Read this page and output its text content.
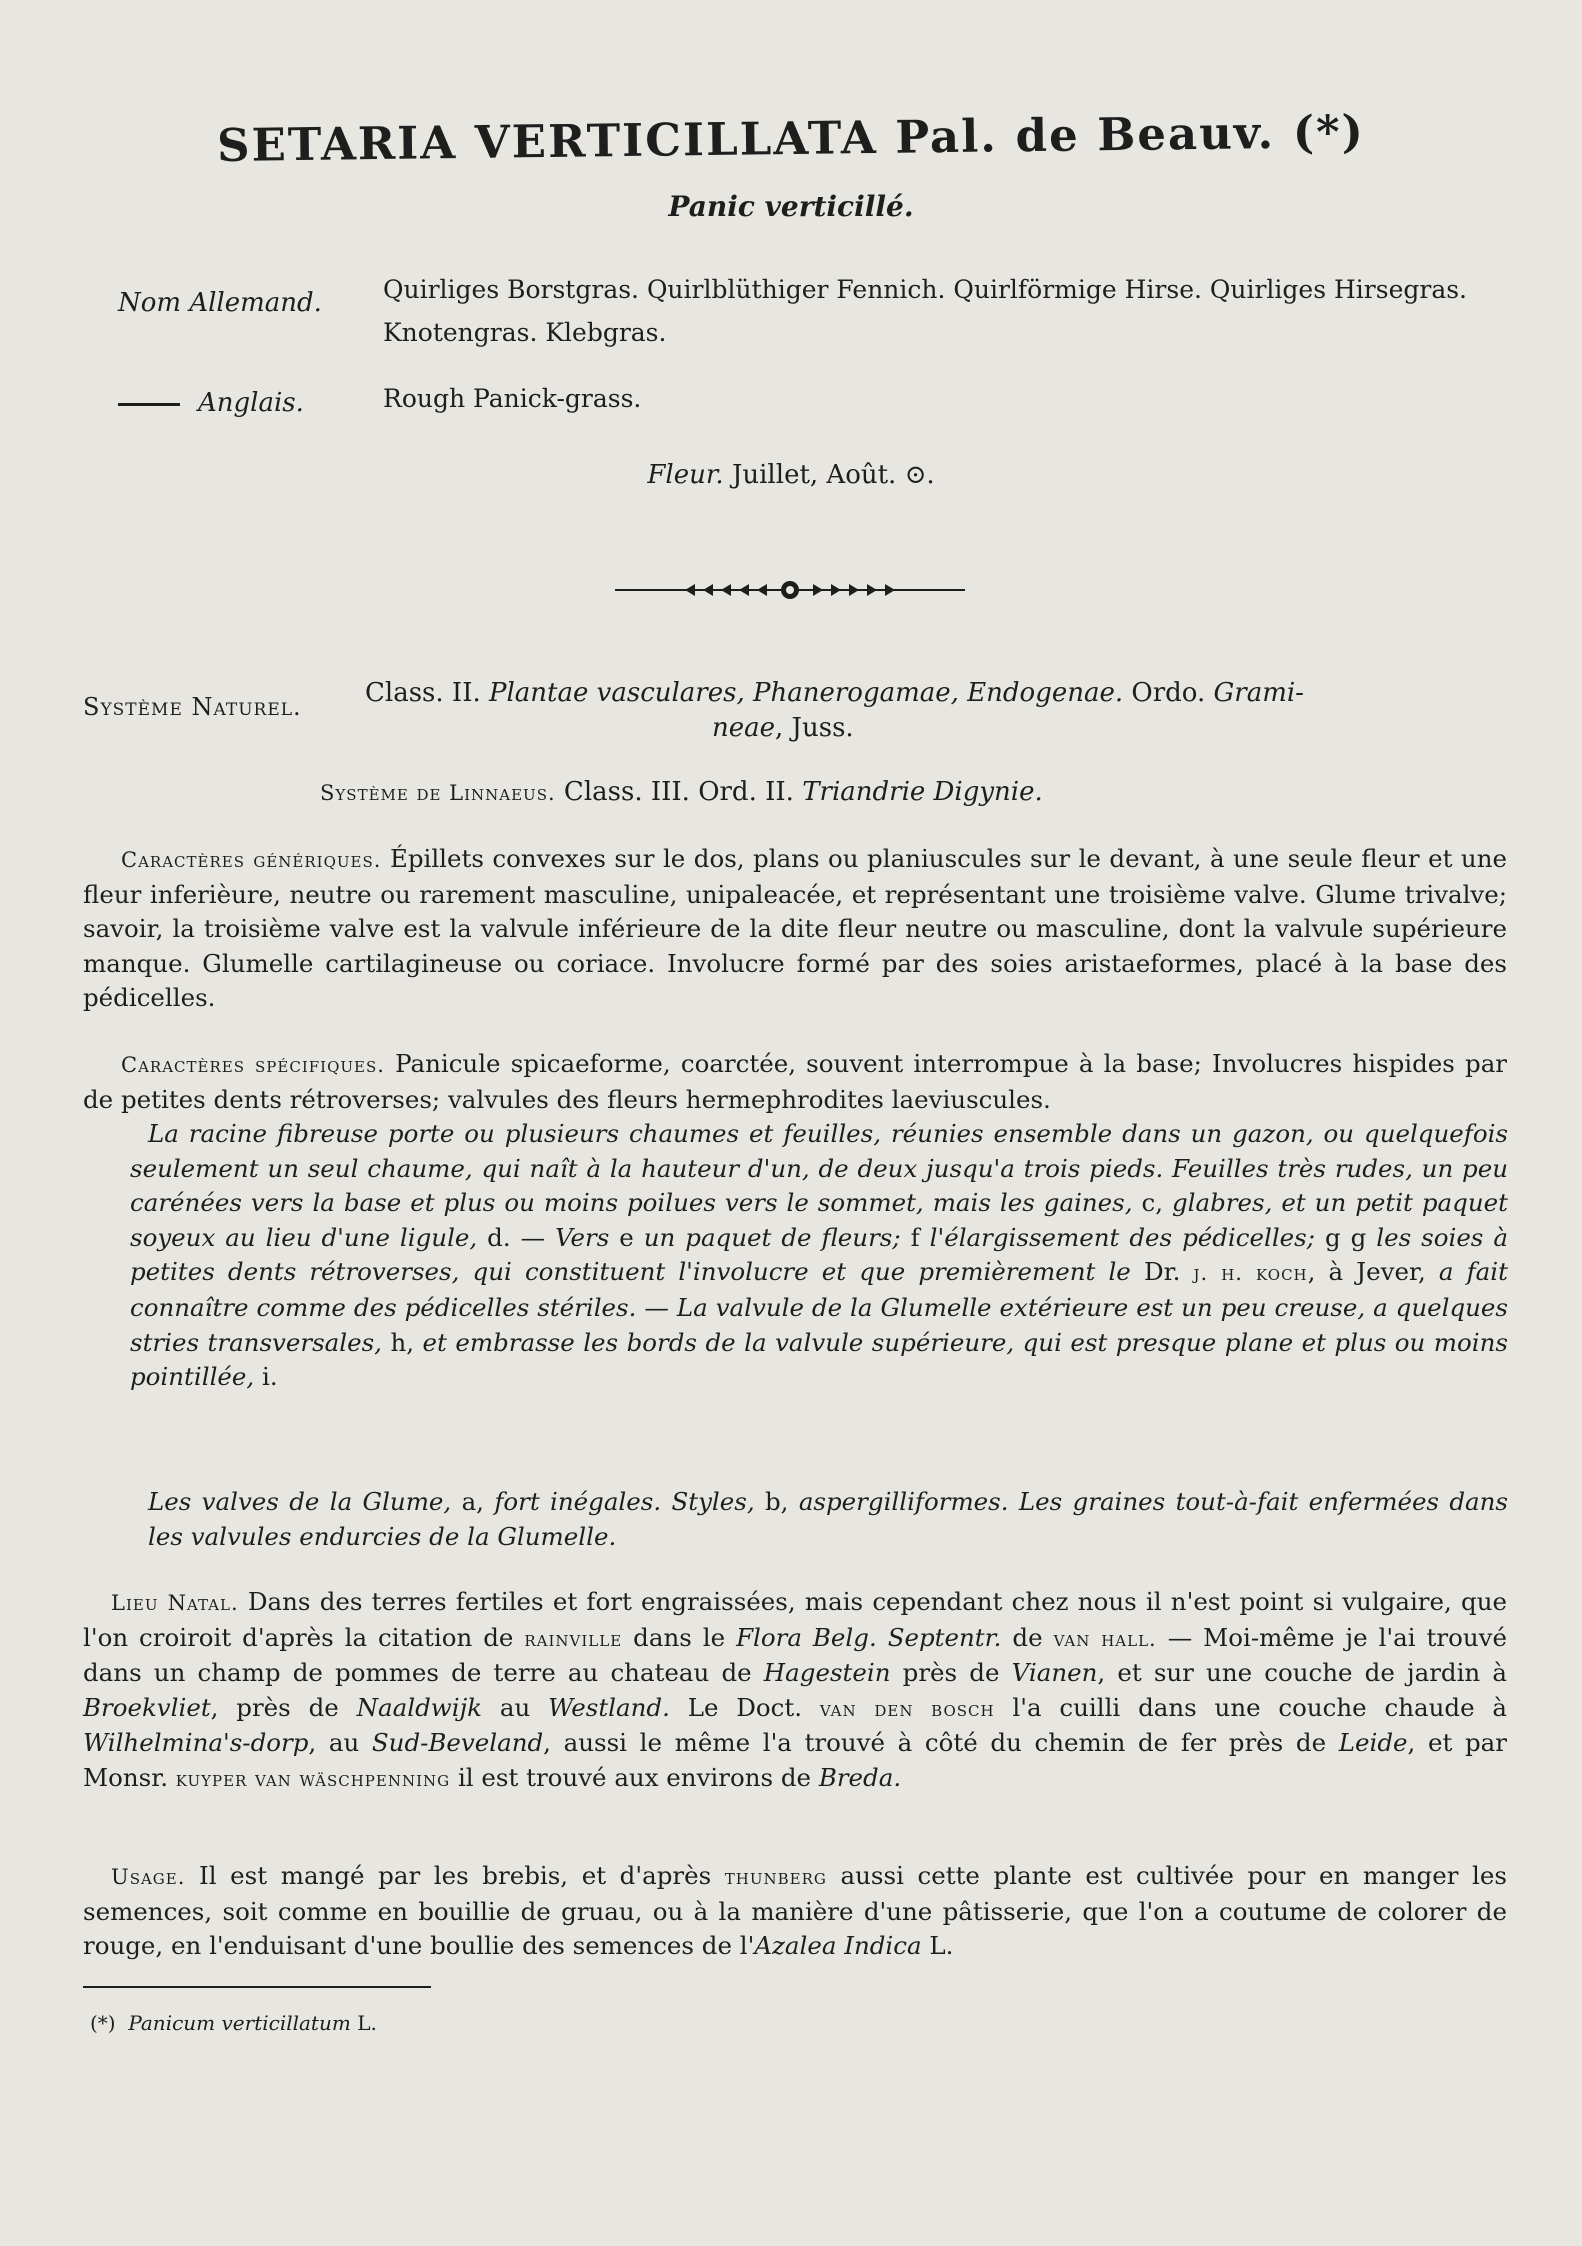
SETARIA VERTICILLATA Pal. de Beauv. (*)
Panic verticillé.
Nom Allemand. Quirliges Borstgras. Quirlblüthiger Fennich. Quirlförmige Hirse. Quirliges Hirsegras. Knotengras. Klebgras.
Anglais.	Rough Panick-grass.
Fleur. Juillet, Août. ⊙.
Système Naturel. Class. II. Plantae vasculares, Phanerogamae, Endogenae. Ordo. Grami-
neae, Juss.
Système de Linnaeus. Class. III. Ord. II. Triandrie Digynie.
Caractères génériques. Épillets convexes sur le dos, plans ou planiuscules sur le devant, à une seule fleur et une fleur inferièure, neutre ou rarement masculine, unipaleacée, et représentant une troisième valve. Glume trivalve; savoir, la troisième valve est la valvule inférieure de la dite fleur neutre ou masculine, dont la valvule supérieure manque. Glumelle cartilagineuse ou coriace. Involucre formé par des soies aristaeformes, placé à la base des pédicelles.
Caractères spécifiques. Panicule spicaeforme, coarctée, souvent interrompue à la base; Involucres hispides par de petites dents rétroverses; valvules des fleurs hermephrodites laeviuscules.
La racine fibreuse porte ou plusieurs chaumes et feuilles, réunies ensemble dans un gazon, ou quelquefois seulement un seul chaume, qui naît à la hauteur d'un, de deux jusqu'a trois pieds. Feuilles très rudes, un peu carénées vers la base et plus ou moins poilues vers le sommet, mais les gaines, c, glabres, et un petit paquet soyeux au lieu d'une ligule, d. — Vers e un paquet de fleurs; f l'élargissement des pédicelles; g g les soies à petites dents rétroverses, qui constituent l'involucre et que premièrement le Dr. j. h. koch, à Jever, a fait connaître comme des pédicelles stériles. — La valvule de la Glumelle extérieure est un peu creuse, a quelques stries transversales, h, et embrasse les bords de la valvule supérieure, qui est presque plane et plus ou moins pointillée, i.
Les valves de la Glume, a, fort inégales. Styles, b, aspergilliformes. Les graines tout-à-fait enfermées dans les valvules endurcies de la Glumelle.
Lieu Natal. Dans des terres fertiles et fort engraissées, mais cependant chez nous il n'est point si vulgaire, que l'on croiroit d'après la citation de rainville dans le Flora Belg. Septentr. de van hall. — Moi-même je l'ai trouvé dans un champ de pommes de terre au chateau de Hagestein près de Vianen, et sur une couche de jardin à Broekvliet, près de Naaldwijk au Westland. Le Doct. van den bosch l'a cuilli dans une couche chaude à Wilhelmina's-dorp, au Sud-Beveland, aussi le même l'a trouvé à côté du chemin de fer près de Leide, et par Monsr. kuyper van wäschpenning il est trouvé aux environs de Breda.
Usage. Il est mangé par les brebis, et d'après thunberg aussi cette plante est cultivée pour en manger les semences, soit comme en bouillie de gruau, ou à la manière d'une pâtisserie, que l'on a coutume de colorer de rouge, en l'enduisant d'une boullie des semences de l'Azalea Indica L.
(*) Panicum verticillatum L.
